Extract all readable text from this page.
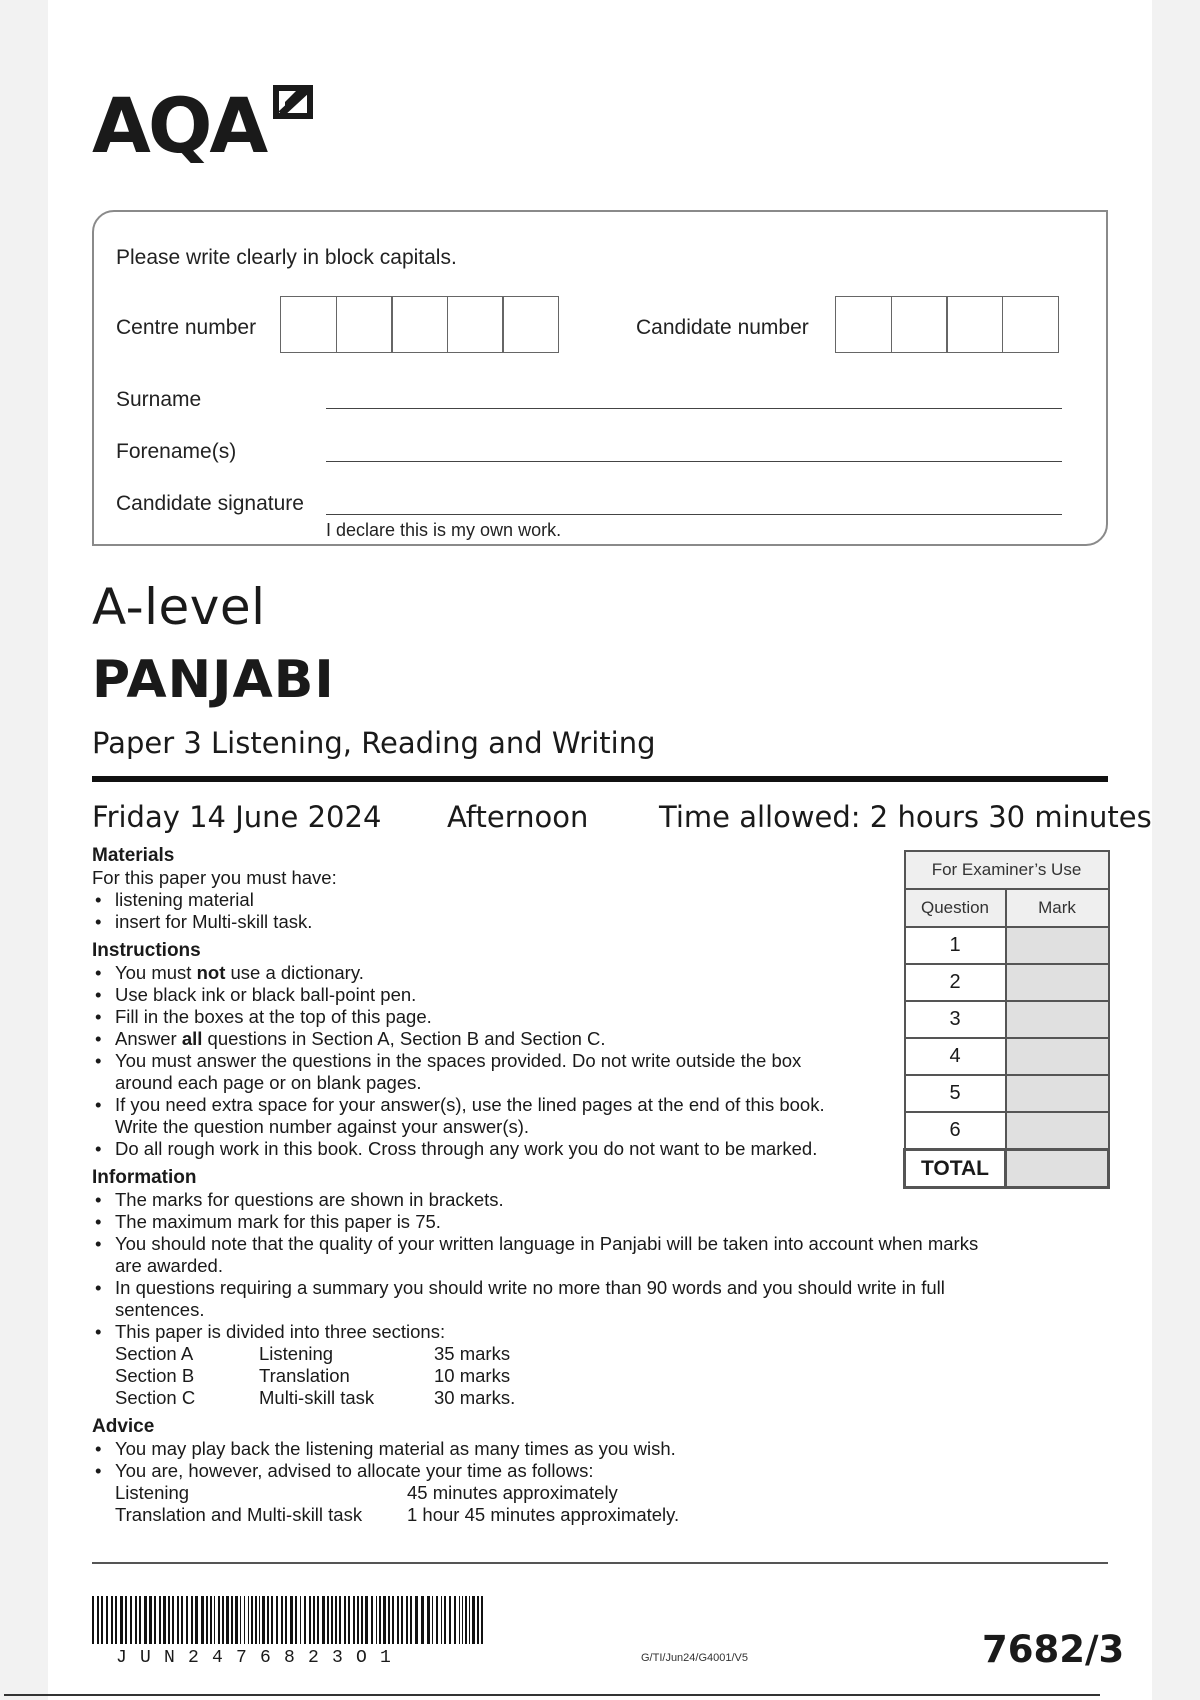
AQA
Please write clearly in block capitals.
Centre number	Candidate number
Surname
Forename(s)
Candidate signature
I declare this is my own work.
A-level
PANJABI
Paper 3 Listening, Reading and Writing
Friday 14 June 2024 Afternoon Time allowed: 2 hours 30 minutes
Materials

For this paper you must have:

• listening material
• insert for Multi-skill task.
Instructions
• You must not use a dictionary.
• Use black ink or black ball-point pen.
• Fill in the boxes at the top of this page.
• Answer all questions in Section A, Section B and Section C.
• You must answer the questions in the spaces provided. Do not write outside the box around each page or on blank pages.
• If you need extra space for your answer(s), use the lined pages at the end of this book. Write the question number against your answer(s).
• Do all rough work in this book. Cross through any work you do not want to be marked.
Information
• The marks for questions are shown in brackets.
• The maximum mark for this paper is 75.
• You should note that the quality of your written language in Panjabi will be taken into account when marks are awarded.
• In questions requiring a summary you should write no more than 90 words and you should write in full sentences.
• This paper is divided into three sections:
Section A	Listening	35 marks
Section B	Translation	10 marks
Section C	Multi-skill task	30 marks.
Advice
• You may play back the listening material as many times as you wish.
• You are, however, advised to allocate your time as follows:
Listening	45 minutes approximately
Translation and Multi-skill task	1 hour 45 minutes approximately.
For Examiner’s Use	
Question	Mark
1	
2	
3	
4	
5	
6	
TOTAL	
JUN2476823O1	G/TI/Jun24/G4001/V5	7682/3
